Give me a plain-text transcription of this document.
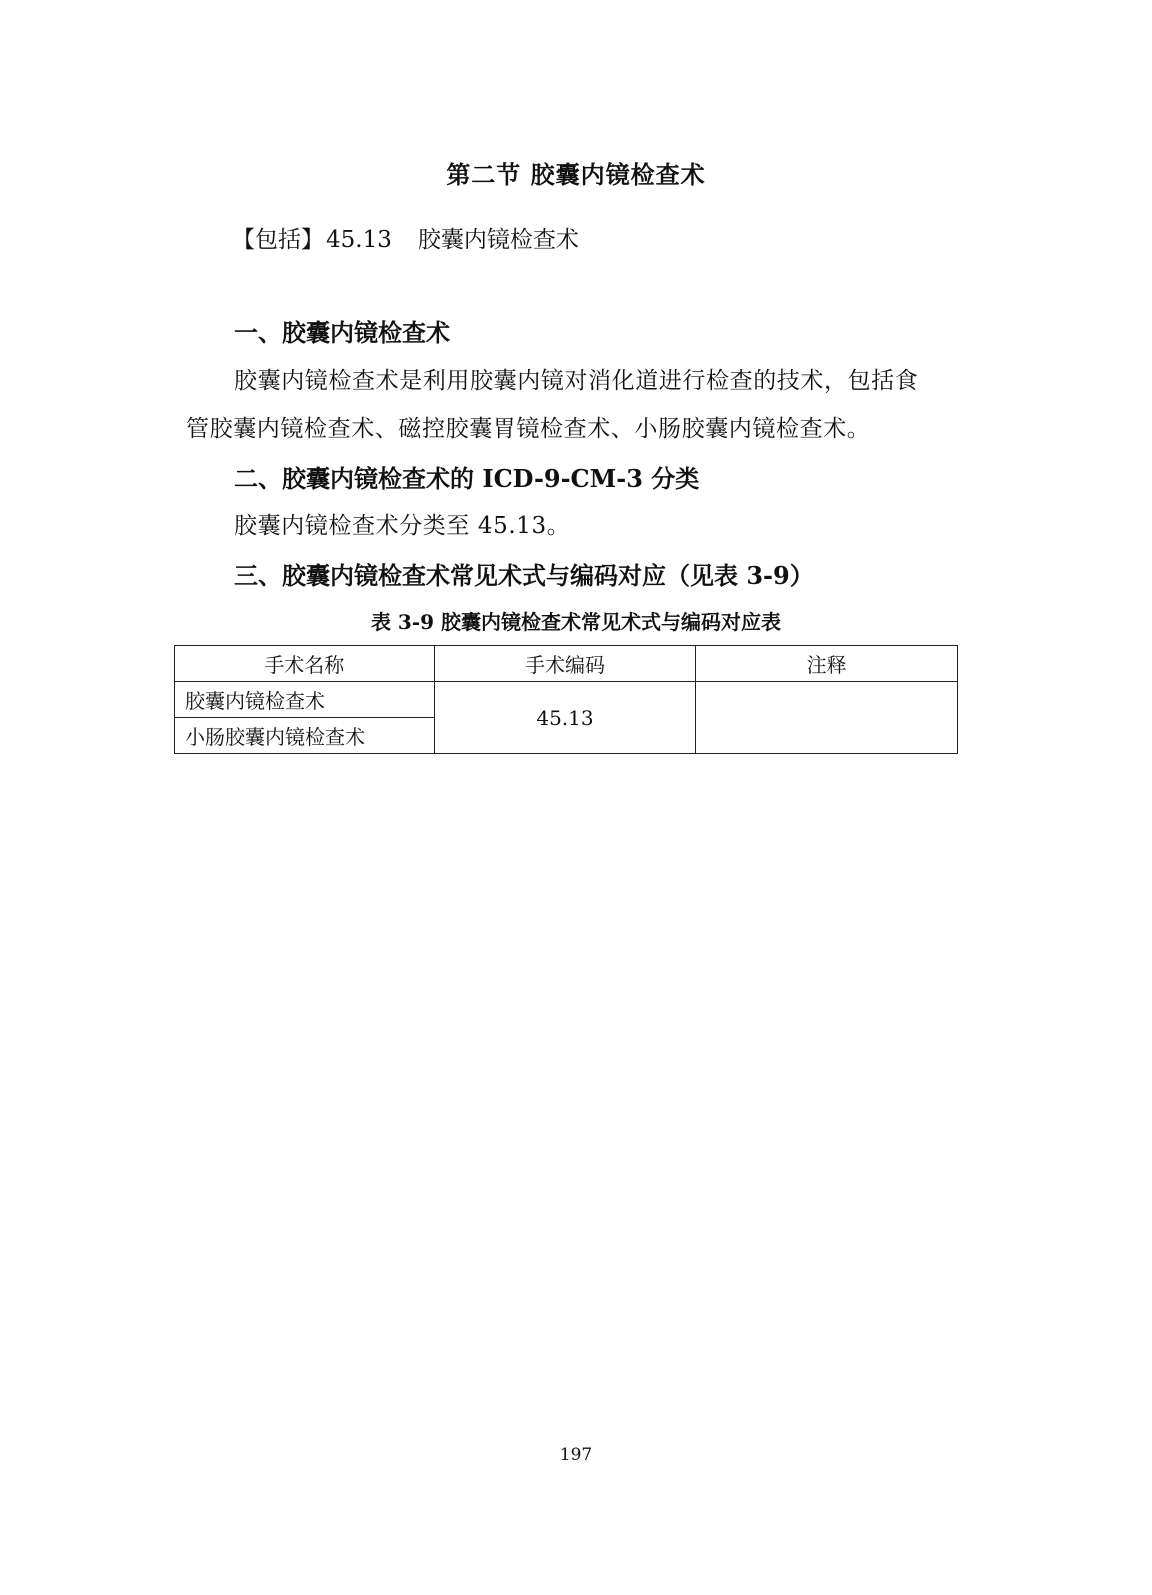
第二节 胶囊内镜检查术
【包括】45.13 胶囊内镜检查术
一、胶囊内镜检查术
胶囊内镜检查术是利用胶囊内镜对消化道进行检查的技术，包括食
管胶囊内镜检查术、磁控胶囊胃镜检查术、小肠胶囊内镜检查术。
二、胶囊内镜检查术的 ICD-9-CM-3 分类
胶囊内镜检查术分类至 45.13。
三、胶囊内镜检查术常见术式与编码对应（见表 3-9）
表 3-9 胶囊内镜检查术常见术式与编码对应表
手术名称	手术编码	注释
胶囊内镜检查术	45.13	
小肠胶囊内镜检查术		
197
